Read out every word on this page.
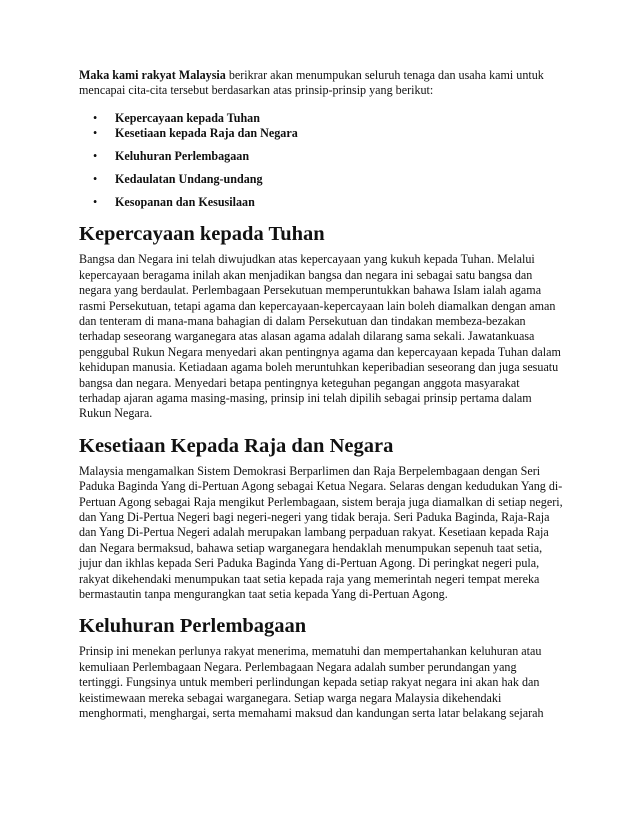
Maka kami rakyat Malaysia berikrar akan menumpukan seluruh tenaga dan usaha kami untuk mencapai cita-cita tersebut berdasarkan atas prinsip-prinsip yang berikut:

• Kepercayaan kepada Tuhan
• Kesetiaan kepada Raja dan Negara
• Keluhuran Perlembagaan
• Kedaulatan Undang-undang
• Kesopanan dan Kesusilaan
Kepercayaan kepada Tuhan

Bangsa dan Negara ini telah diwujudkan atas kepercayaan yang kukuh kepada Tuhan. Melalui kepercayaan beragama inilah akan menjadikan bangsa dan negara ini sebagai satu bangsa dan negara yang berdaulat. Perlembagaan Persekutuan memperuntukkan bahawa Islam ialah agama rasmi Persekutuan, tetapi agama dan kepercayaan-kepercayaan lain boleh diamalkan dengan aman dan tenteram di mana-mana bahagian di dalam Persekutuan dan tindakan membeza-bezakan terhadap seseorang warganegara atas alasan agama adalah dilarang sama sekali. Jawatankuasa penggubal Rukun Negara menyedari akan pentingnya agama dan kepercayaan kepada Tuhan dalam kehidupan manusia. Ketiadaan agama boleh meruntuhkan keperibadian seseorang dan juga sesuatu bangsa dan negara. Menyedari betapa pentingnya keteguhan pegangan anggota masyarakat terhadap ajaran agama masing-masing, prinsip ini telah dipilih sebagai prinsip pertama dalam Rukun Negara.

Kesetiaan Kepada Raja dan Negara

Malaysia mengamalkan Sistem Demokrasi Berparlimen dan Raja Berpelembagaan dengan Seri Paduka Baginda Yang di-Pertuan Agong sebagai Ketua Negara. Selaras dengan kedudukan Yang di-Pertuan Agong sebagai Raja mengikut Perlembagaan, sistem beraja juga diamalkan di setiap negeri, dan Yang Di-Pertua Negeri bagi negeri-negeri yang tidak beraja. Seri Paduka Baginda, Raja-Raja dan Yang Di-Pertua Negeri adalah merupakan lambang perpaduan rakyat. Kesetiaan kepada Raja dan Negara bermaksud, bahawa setiap warganegara hendaklah menumpukan sepenuh taat setia, jujur dan ikhlas kepada Seri Paduka Baginda Yang di-Pertuan Agong. Di peringkat negeri pula, rakyat dikehendaki menumpukan taat setia kepada raja yang memerintah negeri tempat mereka bermastautin tanpa mengurangkan taat setia kepada Yang di-Pertuan Agong.

Keluhuran Perlembagaan

Prinsip ini menekan perlunya rakyat menerima, mematuhi dan mempertahankan keluhuran atau kemuliaan Perlembagaan Negara. Perlembagaan Negara adalah sumber perundangan yang tertinggi. Fungsinya untuk memberi perlindungan kepada setiap rakyat negara ini akan hak dan keistimewaan mereka sebagai warganegara. Setiap warga negara Malaysia dikehendaki menghormati, menghargai, serta memahami maksud dan kandungan serta latar belakang sejarah
